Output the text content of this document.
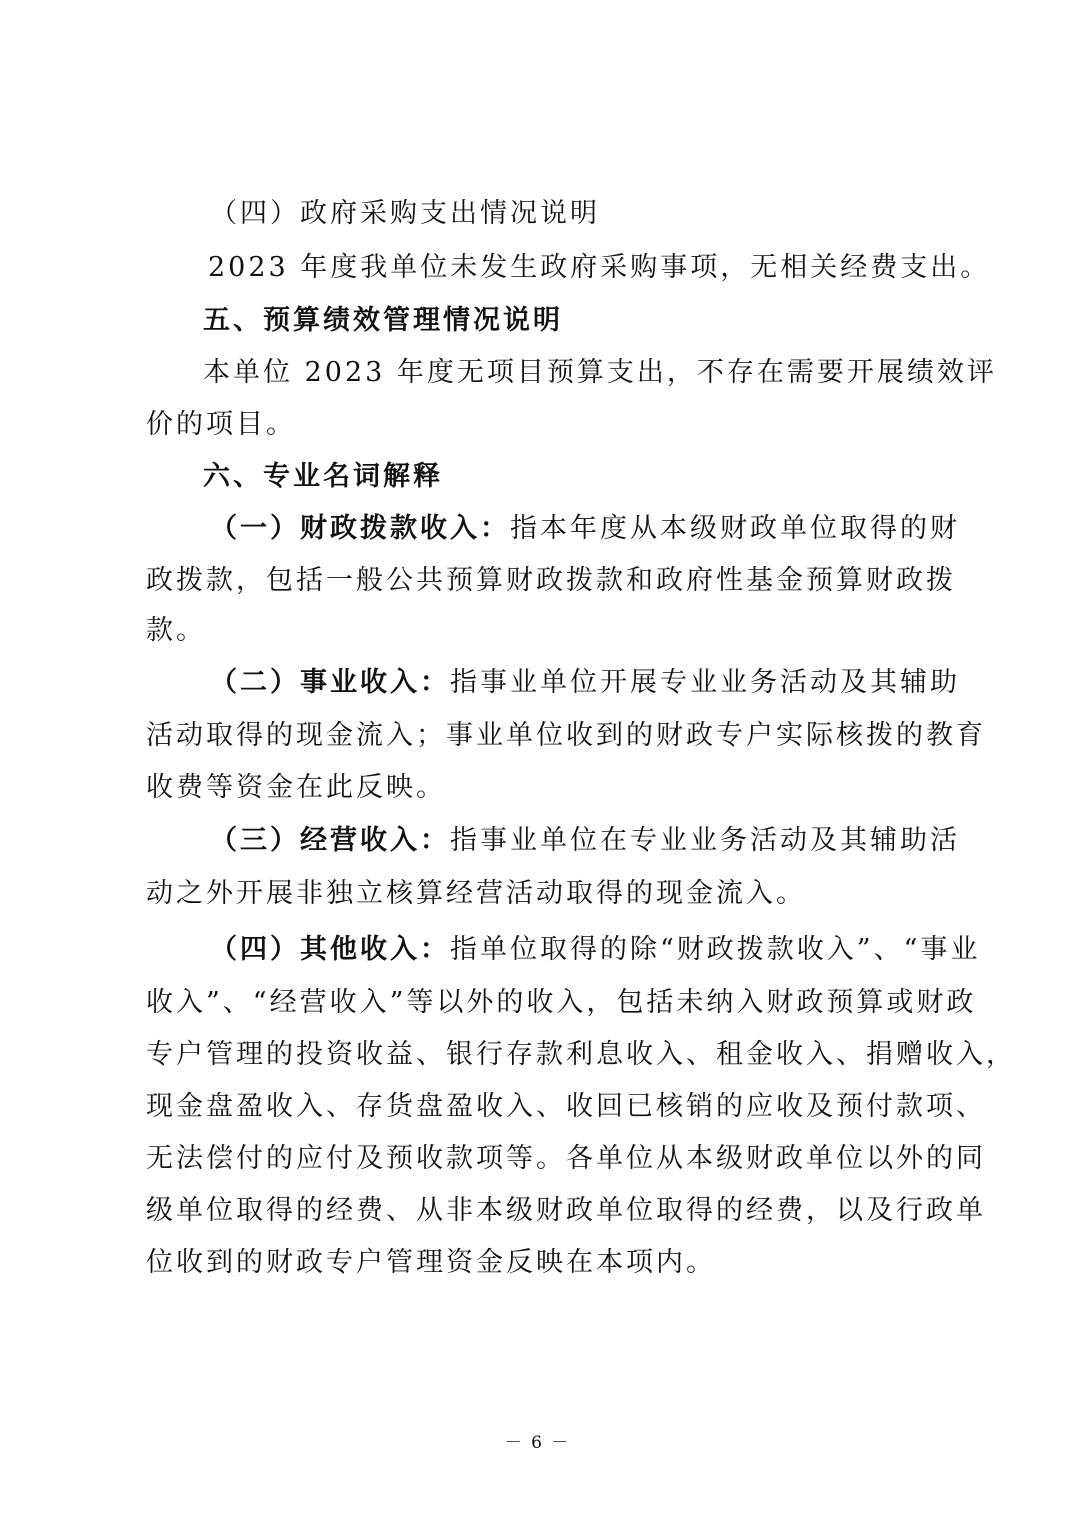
（四）政府采购支出情况说明
2023 年度我单位未发生政府采购事项，无相关经费支出。
五、预算绩效管理情况说明
本单位 2023 年度无项目预算支出，不存在需要开展绩效评
价的项目。
六、专业名词解释
（一）财政拨款收入：指本年度从本级财政单位取得的财
政拨款，包括一般公共预算财政拨款和政府性基金预算财政拨
款。
（二）事业收入：指事业单位开展专业业务活动及其辅助
活动取得的现金流入；事业单位收到的财政专户实际核拨的教育
收费等资金在此反映。
（三）经营收入：指事业单位在专业业务活动及其辅助活
动之外开展非独立核算经营活动取得的现金流入。
（四）其他收入：指单位取得的除“财政拨款收入”、“事业
收入”、“经营收入”等以外的收入，包括未纳入财政预算或财政
专户管理的投资收益、银行存款利息收入、租金收入、捐赠收入，
现金盘盈收入、存货盘盈收入、收回已核销的应收及预付款项、
无法偿付的应付及预收款项等。各单位从本级财政单位以外的同
级单位取得的经费、从非本级财政单位取得的经费，以及行政单
位收到的财政专户管理资金反映在本项内。
－ 6 －
